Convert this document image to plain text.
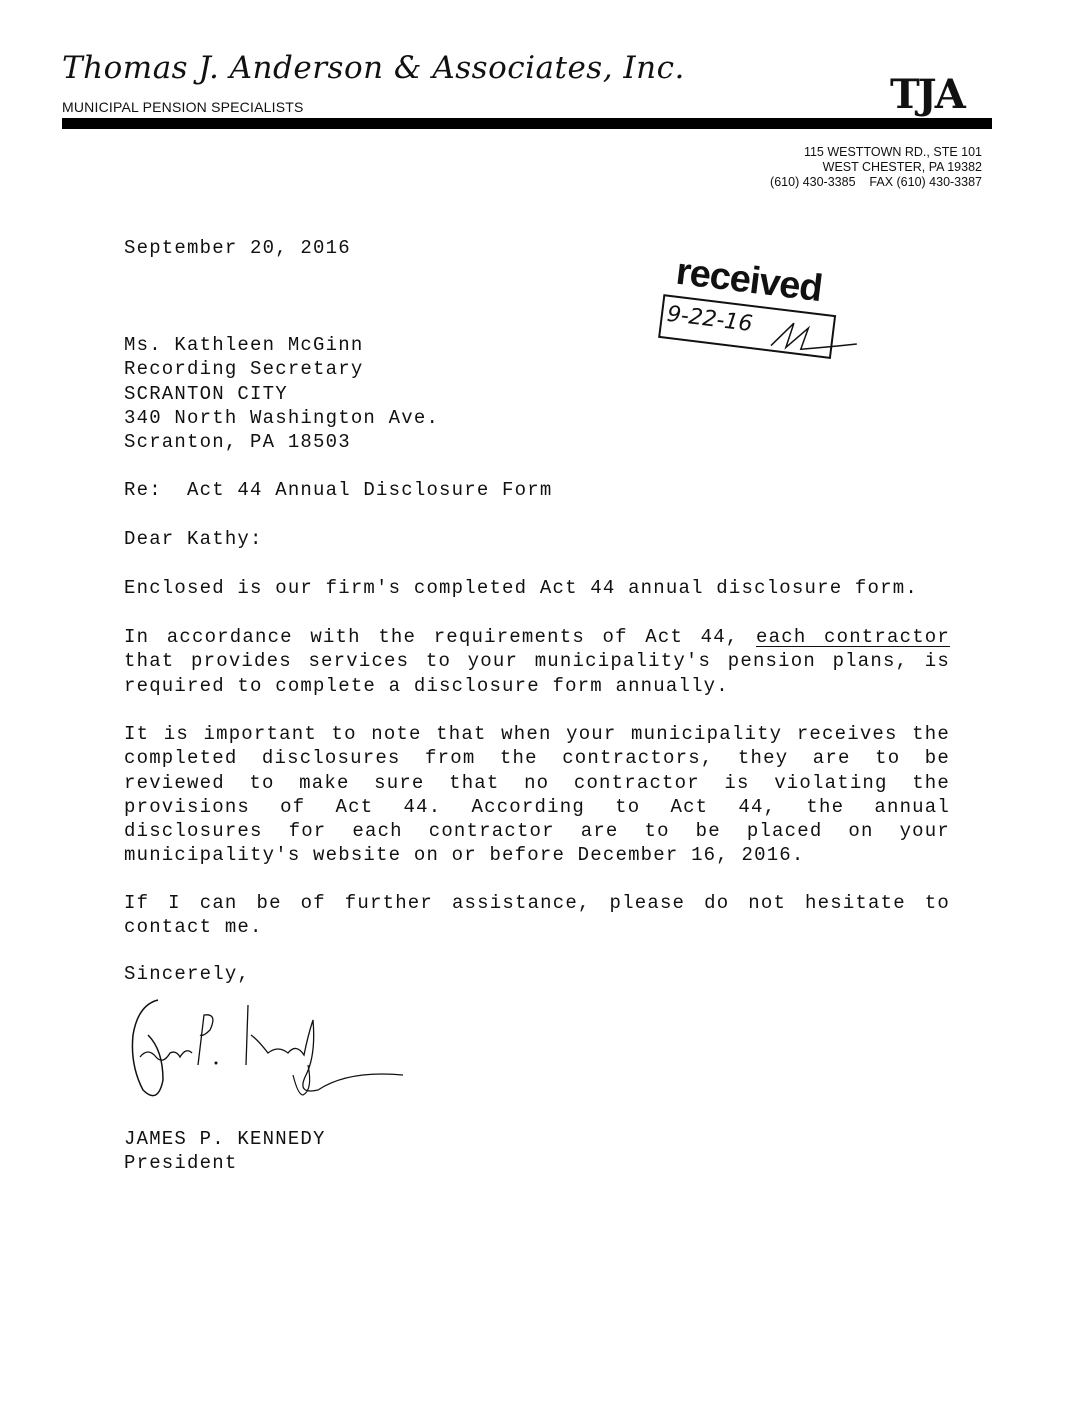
Thomas J. Anderson & Associates, Inc.
MUNICIPAL PENSION SPECIALISTS	TJA
115 WESTTOWN RD., STE 101
WEST CHESTER, PA 19382
(610) 430-3385    FAX (610) 430-3387
received
9-22-16
September 20, 2016
Ms. Kathleen McGinn
Recording Secretary
SCRANTON CITY
340 North Washington Ave.
Scranton, PA 18503
Re:  Act 44 Annual Disclosure Form
Dear Kathy:
Enclosed is our firm's completed Act 44 annual disclosure form.
In accordance with the requirements of Act 44, each contractor
that provides services to your municipality's pension plans, is
required to complete a disclosure form annually.
It is important to note that when your municipality receives the
completed disclosures from the contractors, they are to be
reviewed to make sure that no contractor is violating the
provisions of Act 44. According to Act 44, the annual
disclosures for each contractor are to be placed on your
municipality's website on or before December 16, 2016.
If I can be of further assistance, please do not hesitate to
contact me.
Sincerely,
JAMES P. KENNEDY
President
